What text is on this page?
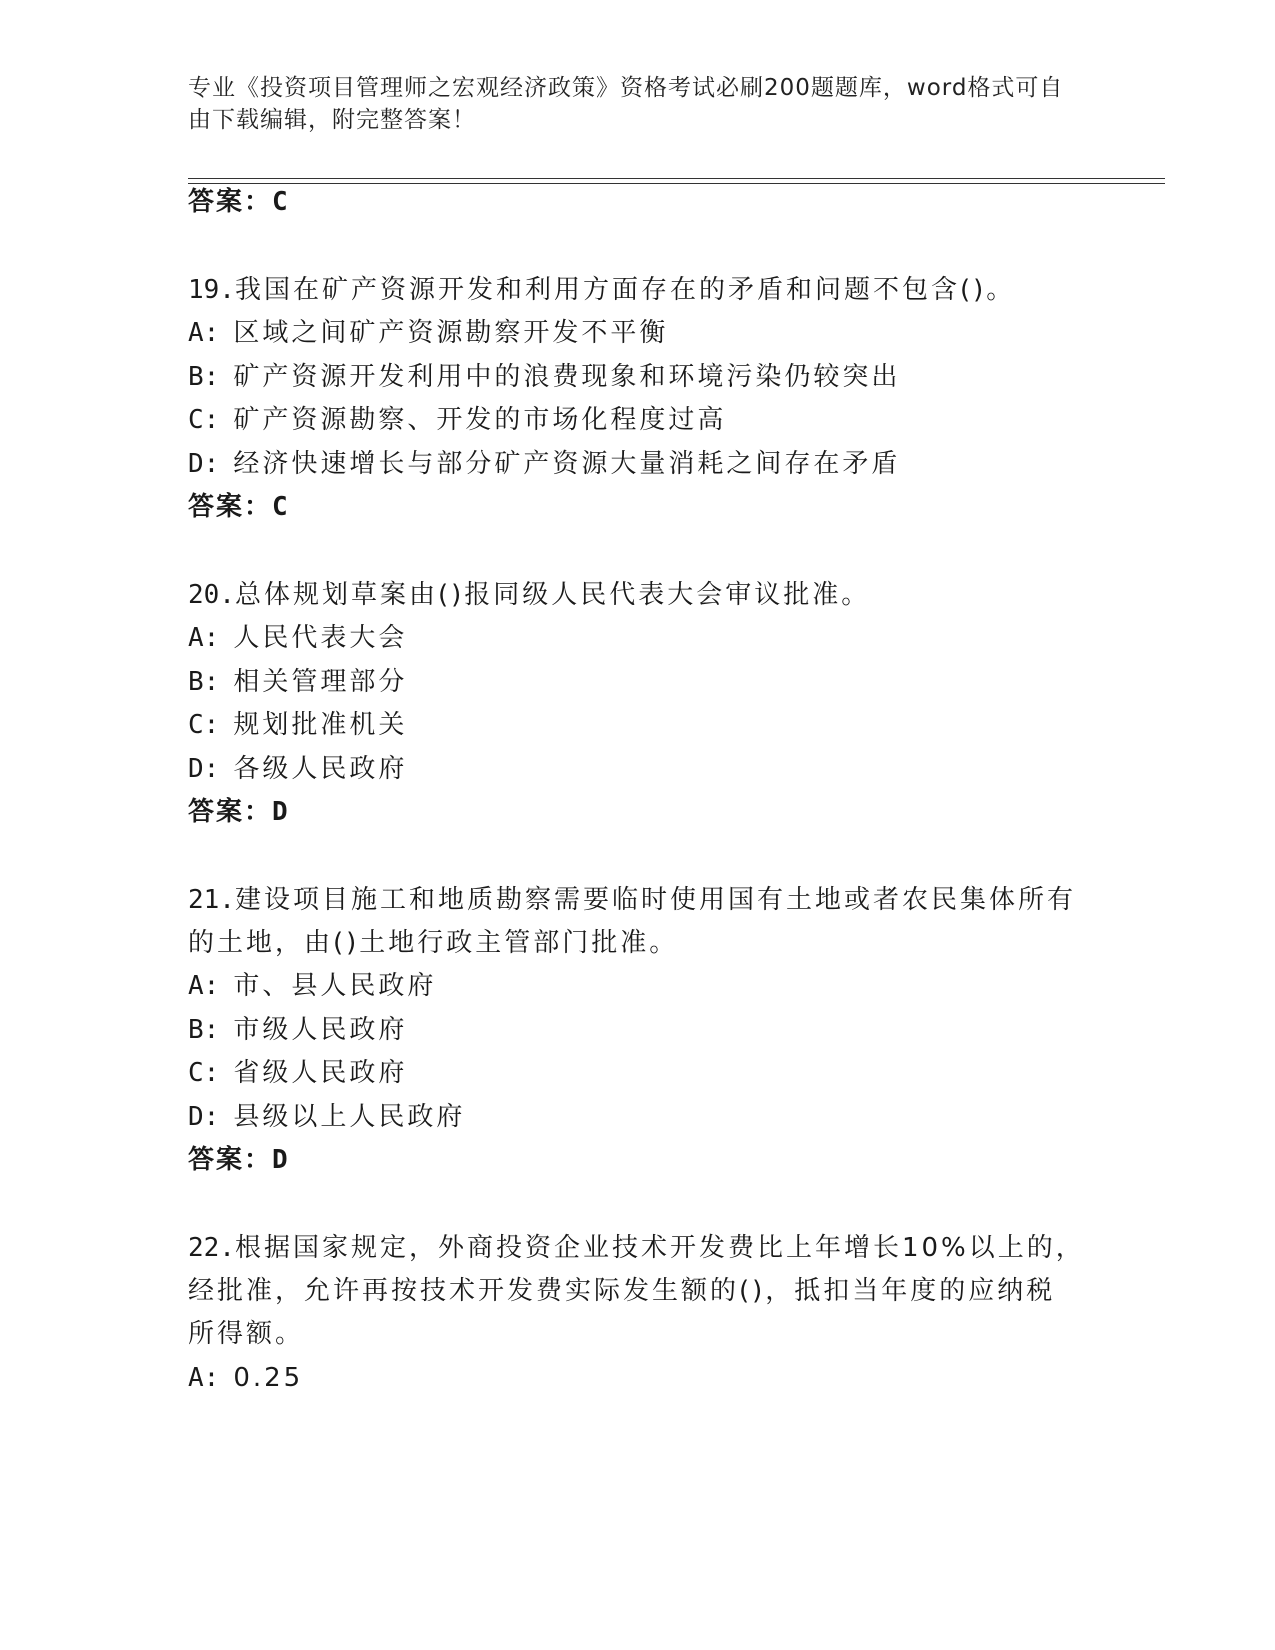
专业《投资项目管理师之宏观经济政策》资格考试必刷200题题库，word格式可自由下载编辑，附完整答案！
答案：C
19.我国在矿产资源开发和利用方面存在的矛盾和问题不包含()。
A: 区域之间矿产资源勘察开发不平衡
B: 矿产资源开发利用中的浪费现象和环境污染仍较突出
C: 矿产资源勘察、开发的市场化程度过高
D: 经济快速增长与部分矿产资源大量消耗之间存在矛盾
答案：C
20.总体规划草案由()报同级人民代表大会审议批准。
A: 人民代表大会
B: 相关管理部分
C: 规划批准机关
D: 各级人民政府
答案：D
21.建设项目施工和地质勘察需要临时使用国有土地或者农民集体所有
的土地，由()土地行政主管部门批准。
A: 市、县人民政府
B: 市级人民政府
C: 省级人民政府
D: 县级以上人民政府
答案：D
22.根据国家规定，外商投资企业技术开发费比上年增长10%以上的，
经批准，允许再按技术开发费实际发生额的()，抵扣当年度的应纳税
所得额。
A: 0.25
